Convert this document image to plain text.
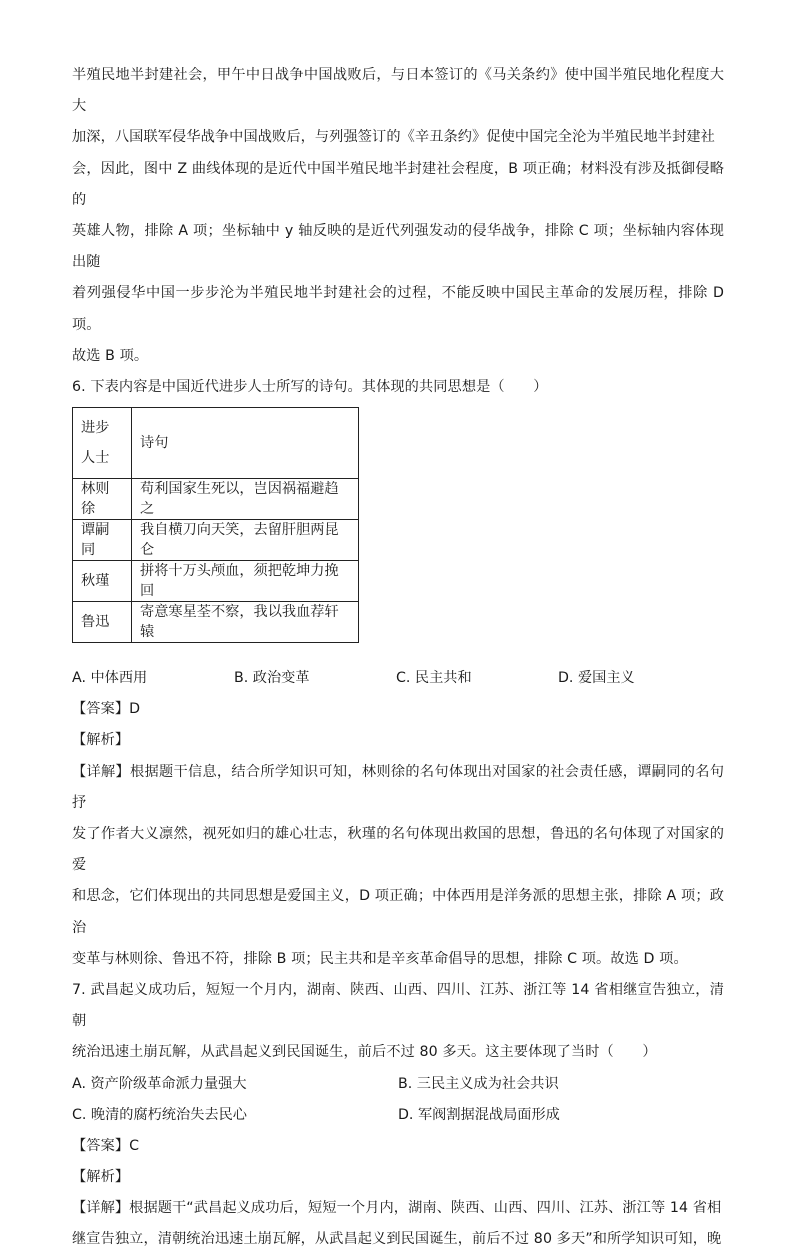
半殖民地半封建社会，甲午中日战争中国战败后，与日本签订的《马关条约》使中国半殖民地化程度大大

加深，八国联军侵华战争中国战败后，与列强签订的《辛丑条约》促使中国完全沦为半殖民地半封建社

会，因此，图中 Z 曲线体现的是近代中国半殖民地半封建社会程度，B 项正确；材料没有涉及抵御侵略的

英雄人物，排除 A 项；坐标轴中 y 轴反映的是近代列强发动的侵华战争，排除 C 项；坐标轴内容体现出随

着列强侵华中国一步步沦为半殖民地半封建社会的过程，不能反映中国民主革命的发展历程，排除 D 项。

故选 B 项。

6. 下表内容是中国近代进步人士所写的诗句。其体现的共同思想是（　　）

进步
人士	诗句
林则徐	苟利国家生死以，岂因祸福避趋之
谭嗣同	我自横刀向天笑，去留肝胆两昆仑
秋瑾	拼将十万头颅血，须把乾坤力挽回
鲁迅	寄意寒星荃不察，我以我血荐轩辕
A. 中体西用	B. 政治变革	C. 民主共和	D. 爱国主义

【答案】D

【解析】

【详解】根据题干信息，结合所学知识可知，林则徐的名句体现出对国家的社会责任感，谭嗣同的名句抒

发了作者大义凛然，视死如归的雄心壮志，秋瑾的名句体现出救国的思想，鲁迅的名句体现了对国家的爱

和思念，它们体现出的共同思想是爱国主义，D 项正确；中体西用是洋务派的思想主张，排除 A 项；政治

变革与林则徐、鲁迅不符，排除 B 项；民主共和是辛亥革命倡导的思想，排除 C 项。故选 D 项。

7. 武昌起义成功后，短短一个月内，湖南、陕西、山西、四川、江苏、浙江等 14 省相继宣告独立，清朝

统治迅速土崩瓦解，从武昌起义到民国诞生，前后不过 80 多天。这主要体现了当时（　　）

A. 资产阶级革命派力量强大	B. 三民主义成为社会共识
C. 晚清的腐朽统治失去民心	D. 军阀割据混战局面形成

【答案】C

【解析】

【详解】根据题干“武昌起义成功后，短短一个月内，湖南、陕西、山西、四川、江苏、浙江等 14 省相

继宣告独立，清朝统治迅速土崩瓦解，从武昌起义到民国诞生，前后不过 80 多天”和所学知识可知，晚
